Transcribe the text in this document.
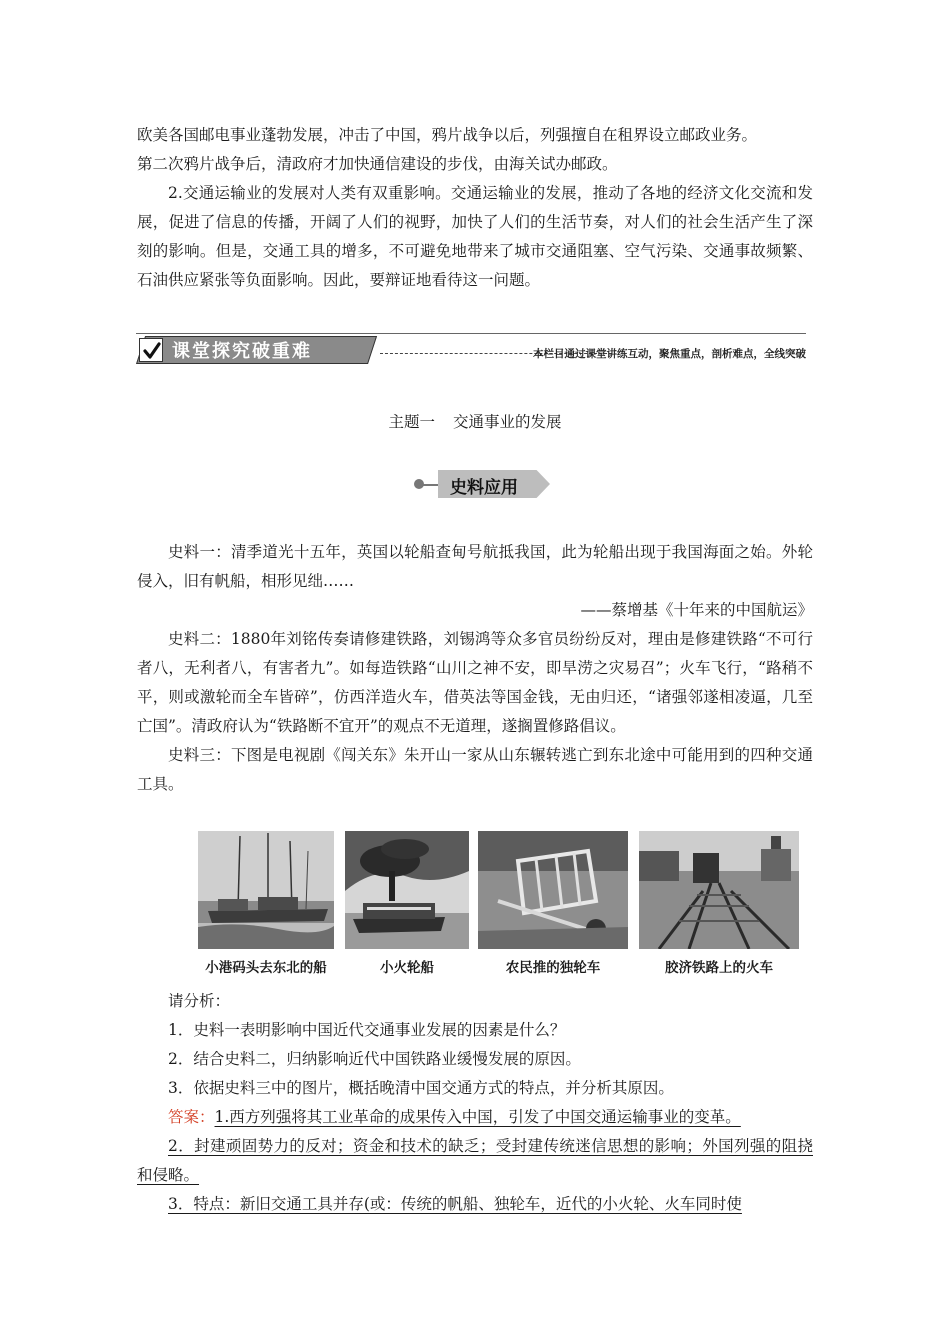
欧美各国邮电事业蓬勃发展，冲击了中国，鸦片战争以后，列强擅自在租界设立邮政业务。

第二次鸦片战争后，清政府才加快通信建设的步伐，由海关试办邮政。

2.交通运输业的发展对人类有双重影响。交通运输业的发展，推动了各地的经济文化交流和发展，促进了信息的传播，开阔了人们的视野，加快了人们的生活节奏，对人们的社会生活产生了深刻的影响。但是，交通工具的增多，不可避免地带来了城市交通阻塞、空气污染、交通事故频繁、石油供应紧张等负面影响。因此，要辩证地看待这一问题。

课堂探究破重难	本栏目通过课堂讲练互动，聚焦重点，剖析难点，全线突破
主题一 交通事业的发展
史料应用

史料一：清季道光十五年，英国以轮船查甸号航抵我国，此为轮船出现于我国海面之始。外轮侵入，旧有帆船，相形见绌……

——蔡增基《十年来的中国航运》

史料二：1880年刘铭传奏请修建铁路，刘锡鸿等众多官员纷纷反对，理由是修建铁路“不可行者八，无利者八，有害者九”。如每造铁路“山川之神不安，即旱涝之灾易召”；火车飞行，“路稍不平，则或激轮而全车皆碎”，仿西洋造火车，借英法等国金钱，无由归还，“诸强邻遂相凌逼，几至亡国”。清政府认为“铁路断不宜开”的观点不无道理，遂搁置修路倡议。

史料三：下图是电视剧《闯关东》朱开山一家从山东辗转逃亡到东北途中可能用到的四种交通工具。

小港码头去东北的船	小火轮船	农民推的独轮车	胶济铁路上的火车

请分析：

1．史料一表明影响中国近代交通事业发展的因素是什么？

2．结合史料二，归纳影响近代中国铁路业缓慢发展的原因。

3．依据史料三中的图片，概括晚清中国交通方式的特点，并分析其原因。

答案：1.西方列强将其工业革命的成果传入中国，引发了中国交通运输事业的变革。

2．封建顽固势力的反对；资金和技术的缺乏；受封建传统迷信思想的影响；外国列强的阻挠和侵略。

3．特点：新旧交通工具并存(或：传统的帆船、独轮车，近代的小火轮、火车同时使
